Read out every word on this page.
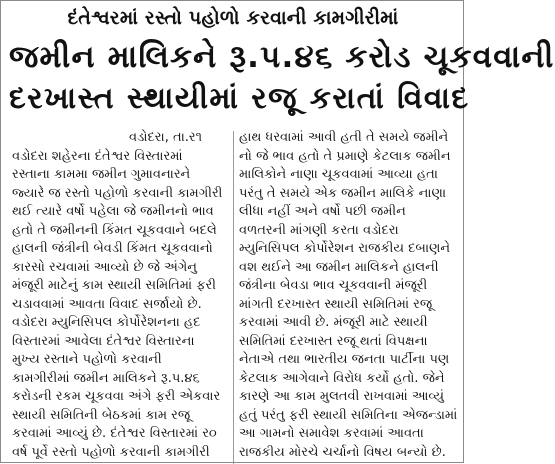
દંતેશ્વરમાં રસ્તો પહોળો કરવાની કામગીરીમાં
જમીન માલિકને રૂ.પ.૪૬ કરોડ ચૂકવવાની
દરખાસ્ત સ્થાયીમાં રજૂ કરાતાં વિવાદ
વડોદરા, તા.ર૧
વડોદરા શહેરના દંતેશ્વર વિસ્તારમાં
રસ્તાના કામમા જમીન ગુમાવનારને
જ્યારે જ રસ્તો પહોળો કરવાની કામગીરી
થઈ ત્યારે વર્ષો પહેલા જે જમીનનો ભાવ
હતો તે જમીનની કિંમત ચૂકવવાને બદલે
હાલની જંત્રીની બેવડી કિંમત ચૂકવવાનો
કારસો રચવામાં આવ્યો છે જે અંગેનુ
મંજૂરી માટેનું કામ સ્થાયી સમિતિમાં ફરી
ચડાવવામાં આવતા વિવાદ સર્જાયો છે.
વડોદરા મ્યુનિસિપલ કોર્પોરેશનના હદ
વિસ્તારમાં આવેલા દંતેશ્વર વિસ્તારના
મુખ્ય રસ્તાને પહોળો કરવાની
કામગીરીમાં જમીન માલિકને રૂ.પ.૪૬
કરોડની રકમ ચૂકવવા અંગે ફરી એકવાર
સ્થાયી સમિતિની બેઠકમાં કામ રજૂ
કરવામાં આવ્યું છે. દંતેશ્વર વિસ્તારમાં ર૦
વર્ષ પૂર્વે રસ્તો પહોળો કરવાની કામગીરી
હાથ ધરવામાં આવી હતી તે સમયે જમીને
નો જે ભાવ હતો તે પ્રમાણે કેટલાક જમીન
માલિકોને નાણા ચૂકવવામાં આવ્યા હતા
પરંતુ તે સમયે એક જમીન માલિકે નાણા
લીધા નહીં અને વર્ષો પછી જમીન
વળતરની માંગણી કરતા વડોદરા
મ્યુનિસિપલ કોર્પોરેશન રાજકીય દબાણને
વશ થઈને આ જમીન માલિકને હાલની
જંત્રીના બેવડા ભાવ ચૂકવવાની મંજૂરી
માંગતી દરખાસ્ત સ્થાયી સમિતિમાં રજૂ
કરવામાં આવી છે. મંજૂરી માટે સ્થાયી
સમિતિમાં દરખાસ્ત રજૂ થતાં વિપક્ષના
નેતાએ તથા ભારતીય જનતા પાર્ટીના પણ
કેટલાક આગેવાને વિરોધ કર્યો હતો. જેને
કારણે આ કામ મુલતવી રાખવામાં આવ્યું
હતું પરંતુ ફરી સ્થાયી સમિતિના એજન્ડામાં
આ ગામનો સમાવેશ કરવામાં આવતા
રાજકીય મોરચે ચર્ચાનો વિષય બન્યો છે.
